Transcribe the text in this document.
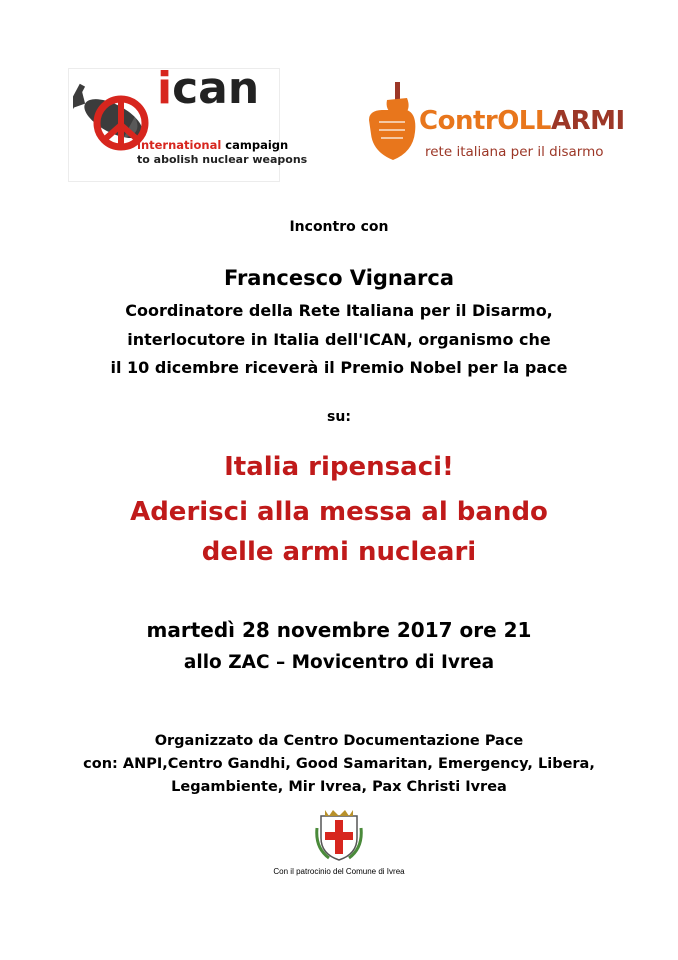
ican
international campaign
to abolish nuclear weapons
ContrOLLARMI
rete italiana per il disarmo
Incontro con
Francesco Vignarca
Coordinatore della Rete Italiana per il Disarmo,
interlocutore in Italia dell'ICAN, organismo che
il 10 dicembre riceverà il Premio Nobel per la pace
su:
Italia ripensaci!
Aderisci alla messa al bando
delle armi nucleari
martedì 28 novembre 2017 ore 21
allo ZAC – Movicentro di Ivrea
Organizzato da Centro Documentazione Pace
con: ANPI,Centro Gandhi, Good Samaritan, Emergency, Libera,
Legambiente, Mir Ivrea, Pax Christi Ivrea
Con il patrocinio del Comune di Ivrea
